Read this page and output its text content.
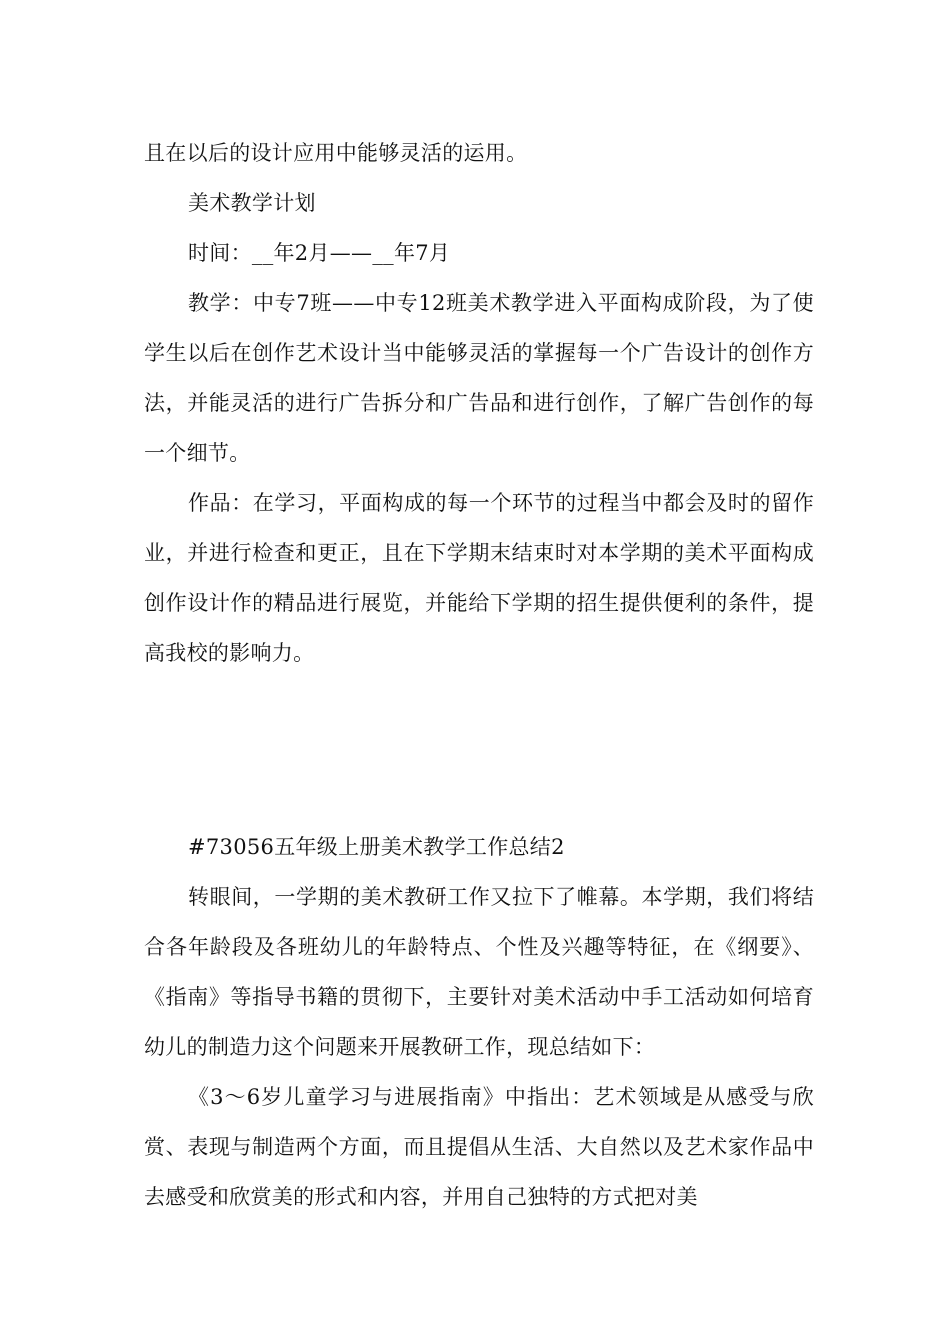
且在以后的设计应用中能够灵活的运用。

美术教学计划

时间：__年2月——__年7月

教学：中专7班——中专12班美术教学进入平面构成阶段，为了使学生以后在创作艺术设计当中能够灵活的掌握每一个广告设计的创作方法，并能灵活的进行广告拆分和广告品和进行创作，了解广告创作的每一个细节。

作品：在学习，平面构成的每一个环节的过程当中都会及时的留作业，并进行检查和更正，且在下学期末结束时对本学期的美术平面构成创作设计作的精品进行展览，并能给下学期的招生提供便利的条件，提高我校的影响力。

#73056五年级上册美术教学工作总结2

转眼间，一学期的美术教研工作又拉下了帷幕。本学期，我们将结合各年龄段及各班幼儿的年龄特点、个性及兴趣等特征，在《纲要》、《指南》等指导书籍的贯彻下，主要针对美术活动中手工活动如何培育幼儿的制造力这个问题来开展教研工作，现总结如下：

《3～6岁儿童学习与进展指南》中指出：艺术领域是从感受与欣赏、表现与制造两个方面，而且提倡从生活、大自然以及艺术家作品中去感受和欣赏美的形式和内容，并用自己独特的方式把对美
